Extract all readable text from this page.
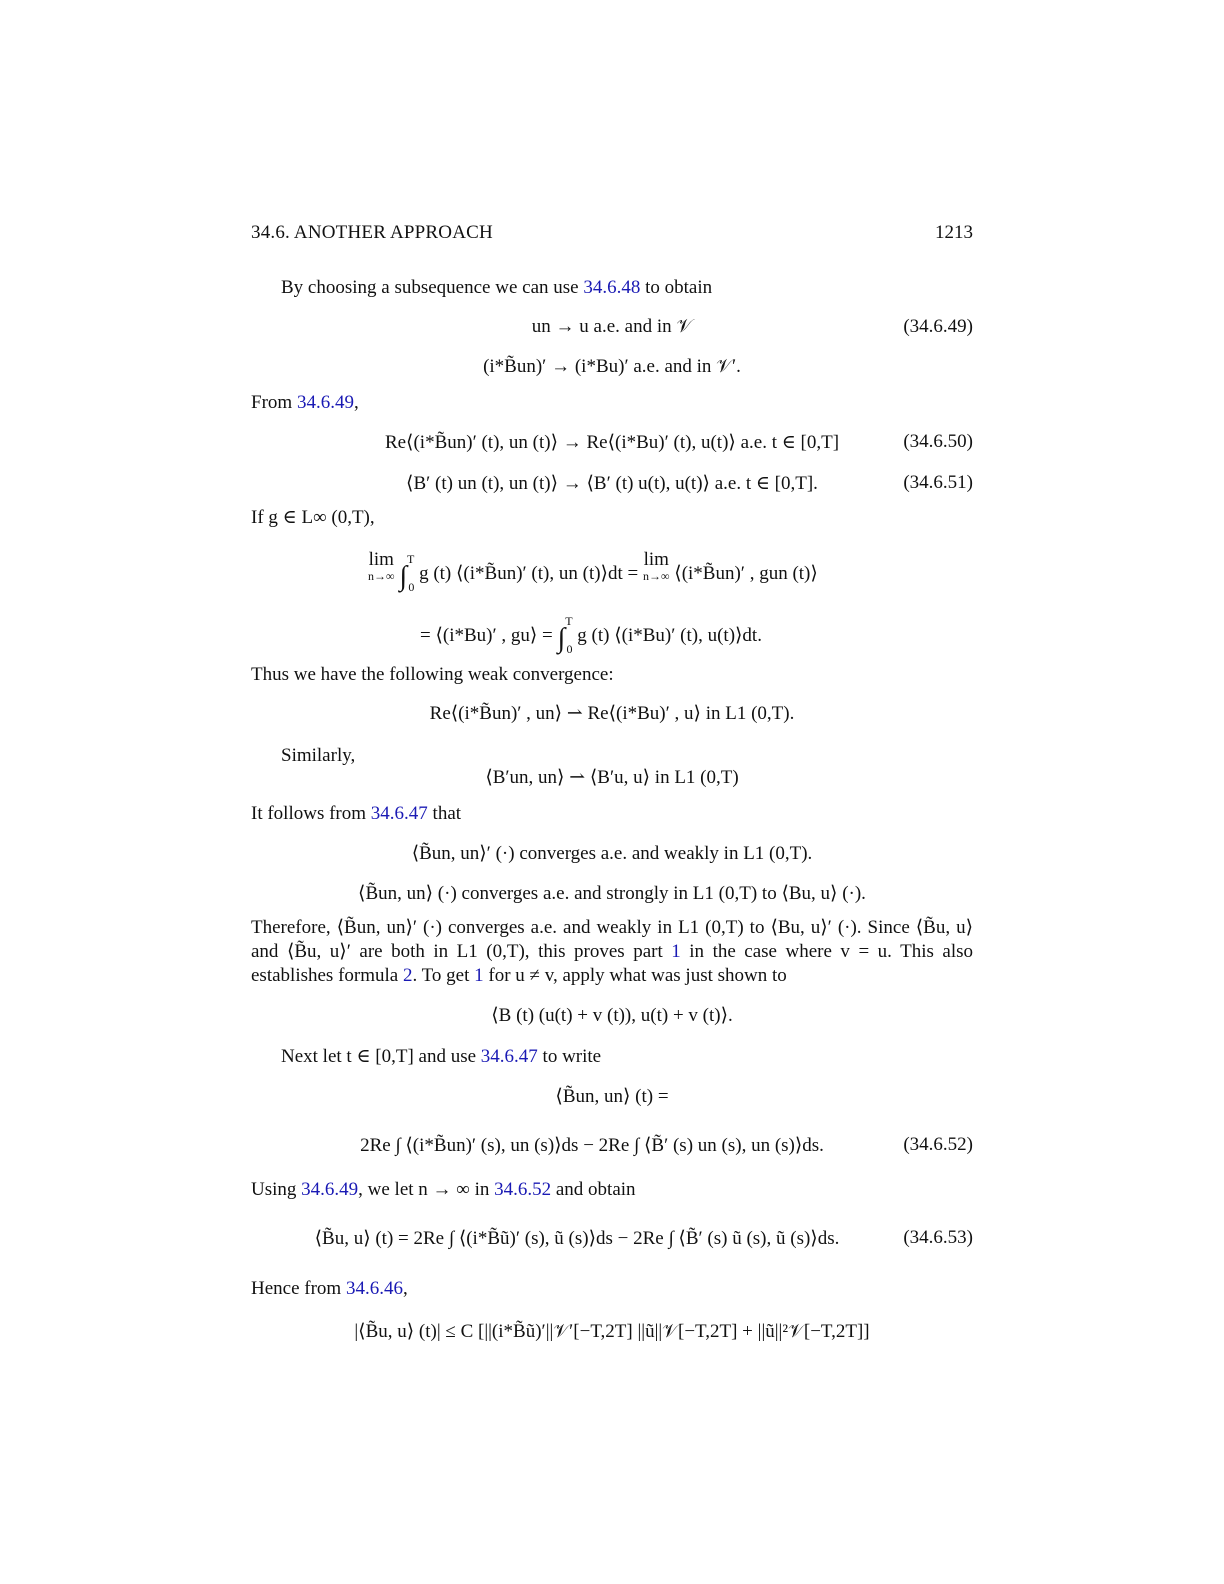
34.6. ANOTHER APPROACH	1213
By choosing a subsequence we can use 34.6.48 to obtain
un → u a.e. and in 𝒱	(34.6.49)
(i*B̃un)′ → (i*Bu)′ a.e. and in 𝒱′.
From 34.6.49,
Re⟨(i*B̃un)′ (t), un (t)⟩ → Re⟨(i*Bu)′ (t), u(t)⟩ a.e. t ∈ [0,T]	(34.6.50)
⟨B′ (t) un (t), un (t)⟩ → ⟨B′ (t) u(t), u(t)⟩ a.e. t ∈ [0,T].	(34.6.51)
If g ∈ L∞ (0,T),
lim
n→∞ ∫$^T_0$ g (t) ⟨(i*B̃un)′ (t), un (t)⟩dt = lim
n→∞ ⟨(i*B̃un)′ , gun (t)⟩
= ⟨(i*Bu)′ , gu⟩ = ∫$^T_0$ g (t) ⟨(i*Bu)′ (t), u(t)⟩dt.
Thus we have the following weak convergence:
Re⟨(i*B̃un)′ , un⟩ ⇀ Re⟨(i*Bu)′ , u⟩ in L1 (0,T).
Similarly,
⟨B′un, un⟩ ⇀ ⟨B′u, u⟩ in L1 (0,T)
It follows from 34.6.47 that
⟨B̃un, un⟩′ (·) converges a.e. and weakly in L1 (0,T).
⟨B̃un, un⟩ (·) converges a.e. and strongly in L1 (0,T) to ⟨Bu, u⟩ (·).
Therefore, ⟨B̃un, un⟩′ (·) converges a.e. and weakly in L1 (0,T) to ⟨Bu, u⟩′ (·). Since ⟨B̃u, u⟩ and ⟨B̃u, u⟩′ are both in L1 (0,T), this proves part 1 in the case where v = u. This also establishes formula 2. To get 1 for u ≠ v, apply what was just shown to
⟨B (t) (u(t) + v (t)), u(t) + v (t)⟩.
Next let t ∈ [0,T] and use 34.6.47 to write
⟨B̃un, un⟩ (t) =
2Re ∫ ⟨(i*B̃un)′ (s), un (s)⟩ds − 2Re ∫ ⟨B̃′ (s) un (s), un (s)⟩ds.	(34.6.52)
Using 34.6.49, we let n → ∞ in 34.6.52 and obtain
⟨B̃u, u⟩ (t) = 2Re ∫ ⟨(i*B̃ũ)′ (s), ũ (s)⟩ds − 2Re ∫ ⟨B̃′ (s) ũ (s), ũ (s)⟩ds.	(34.6.53)
Hence from 34.6.46,
|⟨B̃u, u⟩ (t)| ≤ C [||(i*B̃ũ)′||𝒱′[−T,2T] ||ũ||𝒱[−T,2T] + ||ũ||²𝒱[−T,2T]]
